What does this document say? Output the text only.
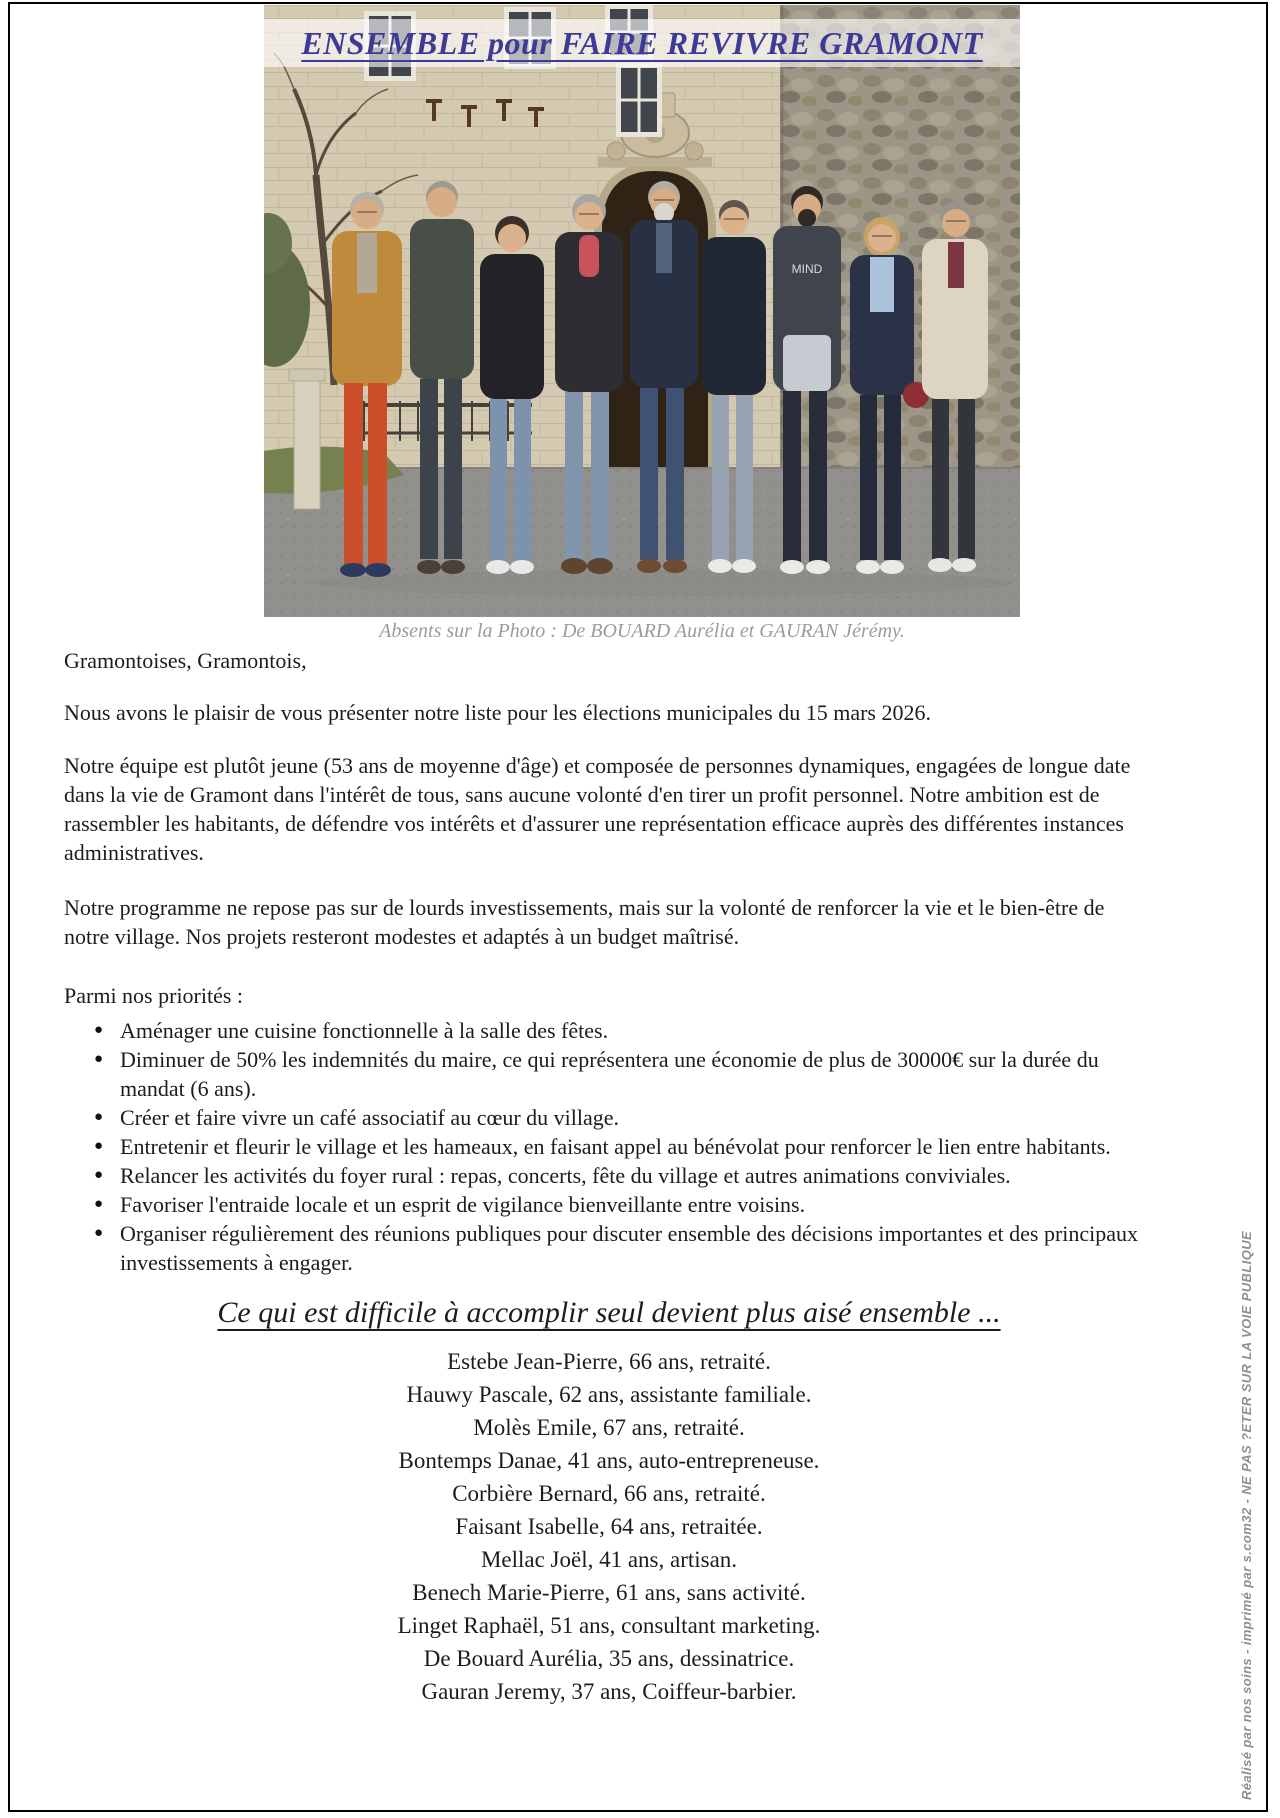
MIND
ENSEMBLE pour FAIRE REVIVRE GRAMONT
Absents sur la Photo : De BOUARD Aurélia et GAURAN Jérémy.

Gramontoises, Gramontois,

Nous avons le plaisir de vous présenter notre liste pour les élections municipales du 15 mars 2026.

Notre équipe est plutôt jeune (53 ans de moyenne d'âge) et composée de personnes dynamiques, engagées de longue date dans la vie de Gramont dans l'intérêt de tous, sans aucune volonté d'en tirer un profit personnel. Notre ambition est de rassembler les habitants, de défendre vos intérêts et d'assurer une représentation efficace auprès des différentes instances administratives.

Notre programme ne repose pas sur de lourds investissements, mais sur la volonté de renforcer la vie et le bien-être de notre village. Nos projets resteront modestes et adaptés à un budget maîtrisé.

Parmi nos priorités :

● Aménager une cuisine fonctionnelle à la salle des fêtes.
● Diminuer de 50% les indemnités du maire, ce qui représentera une économie de plus de 30000€ sur la durée du mandat (6 ans).
● Créer et faire vivre un café associatif au cœur du village.
● Entretenir et fleurir le village et les hameaux, en faisant appel au bénévolat pour renforcer le lien entre habitants.
● Relancer les activités du foyer rural : repas, concerts, fête du village et autres animations conviviales.
● Favoriser l'entraide locale et un esprit de vigilance bienveillante entre voisins.
● Organiser régulièrement des réunions publiques pour discuter ensemble des décisions importantes et des principaux investissements à engager.

Ce qui est difficile à accomplir seul devient plus aisé ensemble ...

Estebe Jean-Pierre, 66 ans, retraité.

Hauwy Pascale, 62 ans, assistante familiale.

Molès Emile, 67 ans, retraité.

Bontemps Danae, 41 ans, auto-entrepreneuse.

Corbière Bernard, 66 ans, retraité.

Faisant Isabelle, 64 ans, retraitée.

Mellac Joël, 41 ans, artisan.

Benech Marie-Pierre, 61 ans, sans activité.

Linget Raphaël, 51 ans, consultant marketing.

De Bouard Aurélia, 35 ans, dessinatrice.

Gauran Jeremy, 37 ans, Coiffeur-barbier.	Réalisé par nos soins - imprimé par s.com32 - NE PAS ?ETER SUR LA VOIE PUBLIQUE
